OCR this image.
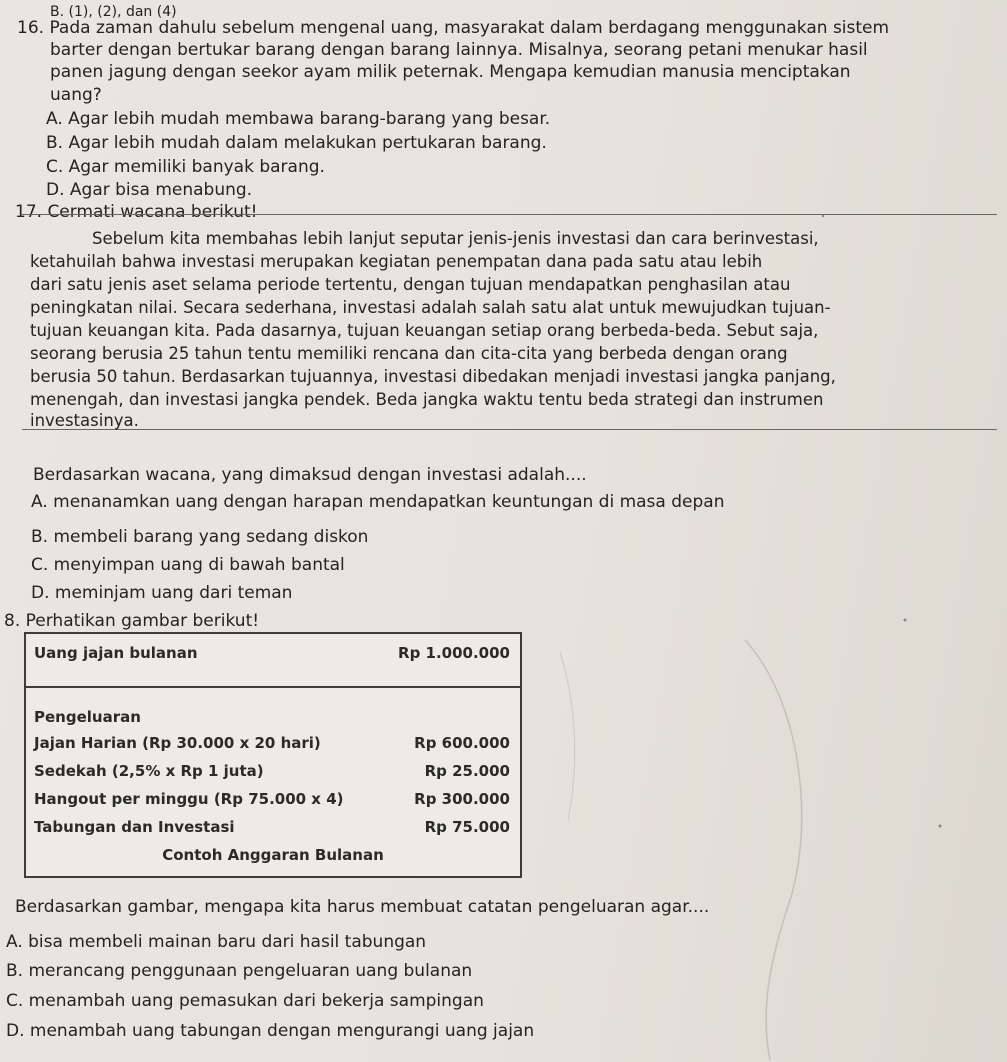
B. (1), (2), dan (4)
16. Pada zaman dahulu sebelum mengenal uang, masyarakat dalam berdagang menggunakan sistem
barter dengan bertukar barang dengan barang lainnya. Misalnya, seorang petani menukar hasil
panen jagung dengan seekor ayam milik peternak. Mengapa kemudian manusia menciptakan
uang?
A. Agar lebih mudah membawa barang-barang yang besar.
B. Agar lebih mudah dalam melakukan pertukaran barang.
C. Agar memiliki banyak barang.
D. Agar bisa menabung.
17. Cermati wacana berikut!
Sebelum kita membahas lebih lanjut seputar jenis-jenis investasi dan cara berinvestasi,
ketahuilah bahwa investasi merupakan kegiatan penempatan dana pada satu atau lebih
dari satu jenis aset selama periode tertentu, dengan tujuan mendapatkan penghasilan atau
peningkatan nilai. Secara sederhana, investasi adalah salah satu alat untuk mewujudkan tujuan-
tujuan keuangan kita. Pada dasarnya, tujuan keuangan setiap orang berbeda-beda. Sebut saja,
seorang berusia 25 tahun tentu memiliki rencana dan cita-cita yang berbeda dengan orang
berusia 50 tahun. Berdasarkan tujuannya, investasi dibedakan menjadi investasi jangka panjang,
menengah, dan investasi jangka pendek. Beda jangka waktu tentu beda strategi dan instrumen
investasinya.
Berdasarkan wacana, yang dimaksud dengan investasi adalah....
A. menanamkan uang dengan harapan mendapatkan keuntungan di masa depan
B. membeli barang yang sedang diskon
C. menyimpan uang di bawah bantal
D. meminjam uang dari teman
8. Perhatikan gambar berikut!
Uang jajan bulanan	Rp 1.000.000
Pengeluaran
Jajan Harian (Rp 30.000 x 20 hari)	Rp 600.000
Sedekah (2,5% x Rp 1 juta)	Rp 25.000
Hangout per minggu (Rp 75.000 x 4)	Rp 300.000
Tabungan dan Investasi	Rp 75.000
Contoh Anggaran Bulanan
Berdasarkan gambar, mengapa kita harus membuat catatan pengeluaran agar....
A. bisa membeli mainan baru dari hasil tabungan
B. merancang penggunaan pengeluaran uang bulanan
C. menambah uang pemasukan dari bekerja sampingan
D. menambah uang tabungan dengan mengurangi uang jajan
